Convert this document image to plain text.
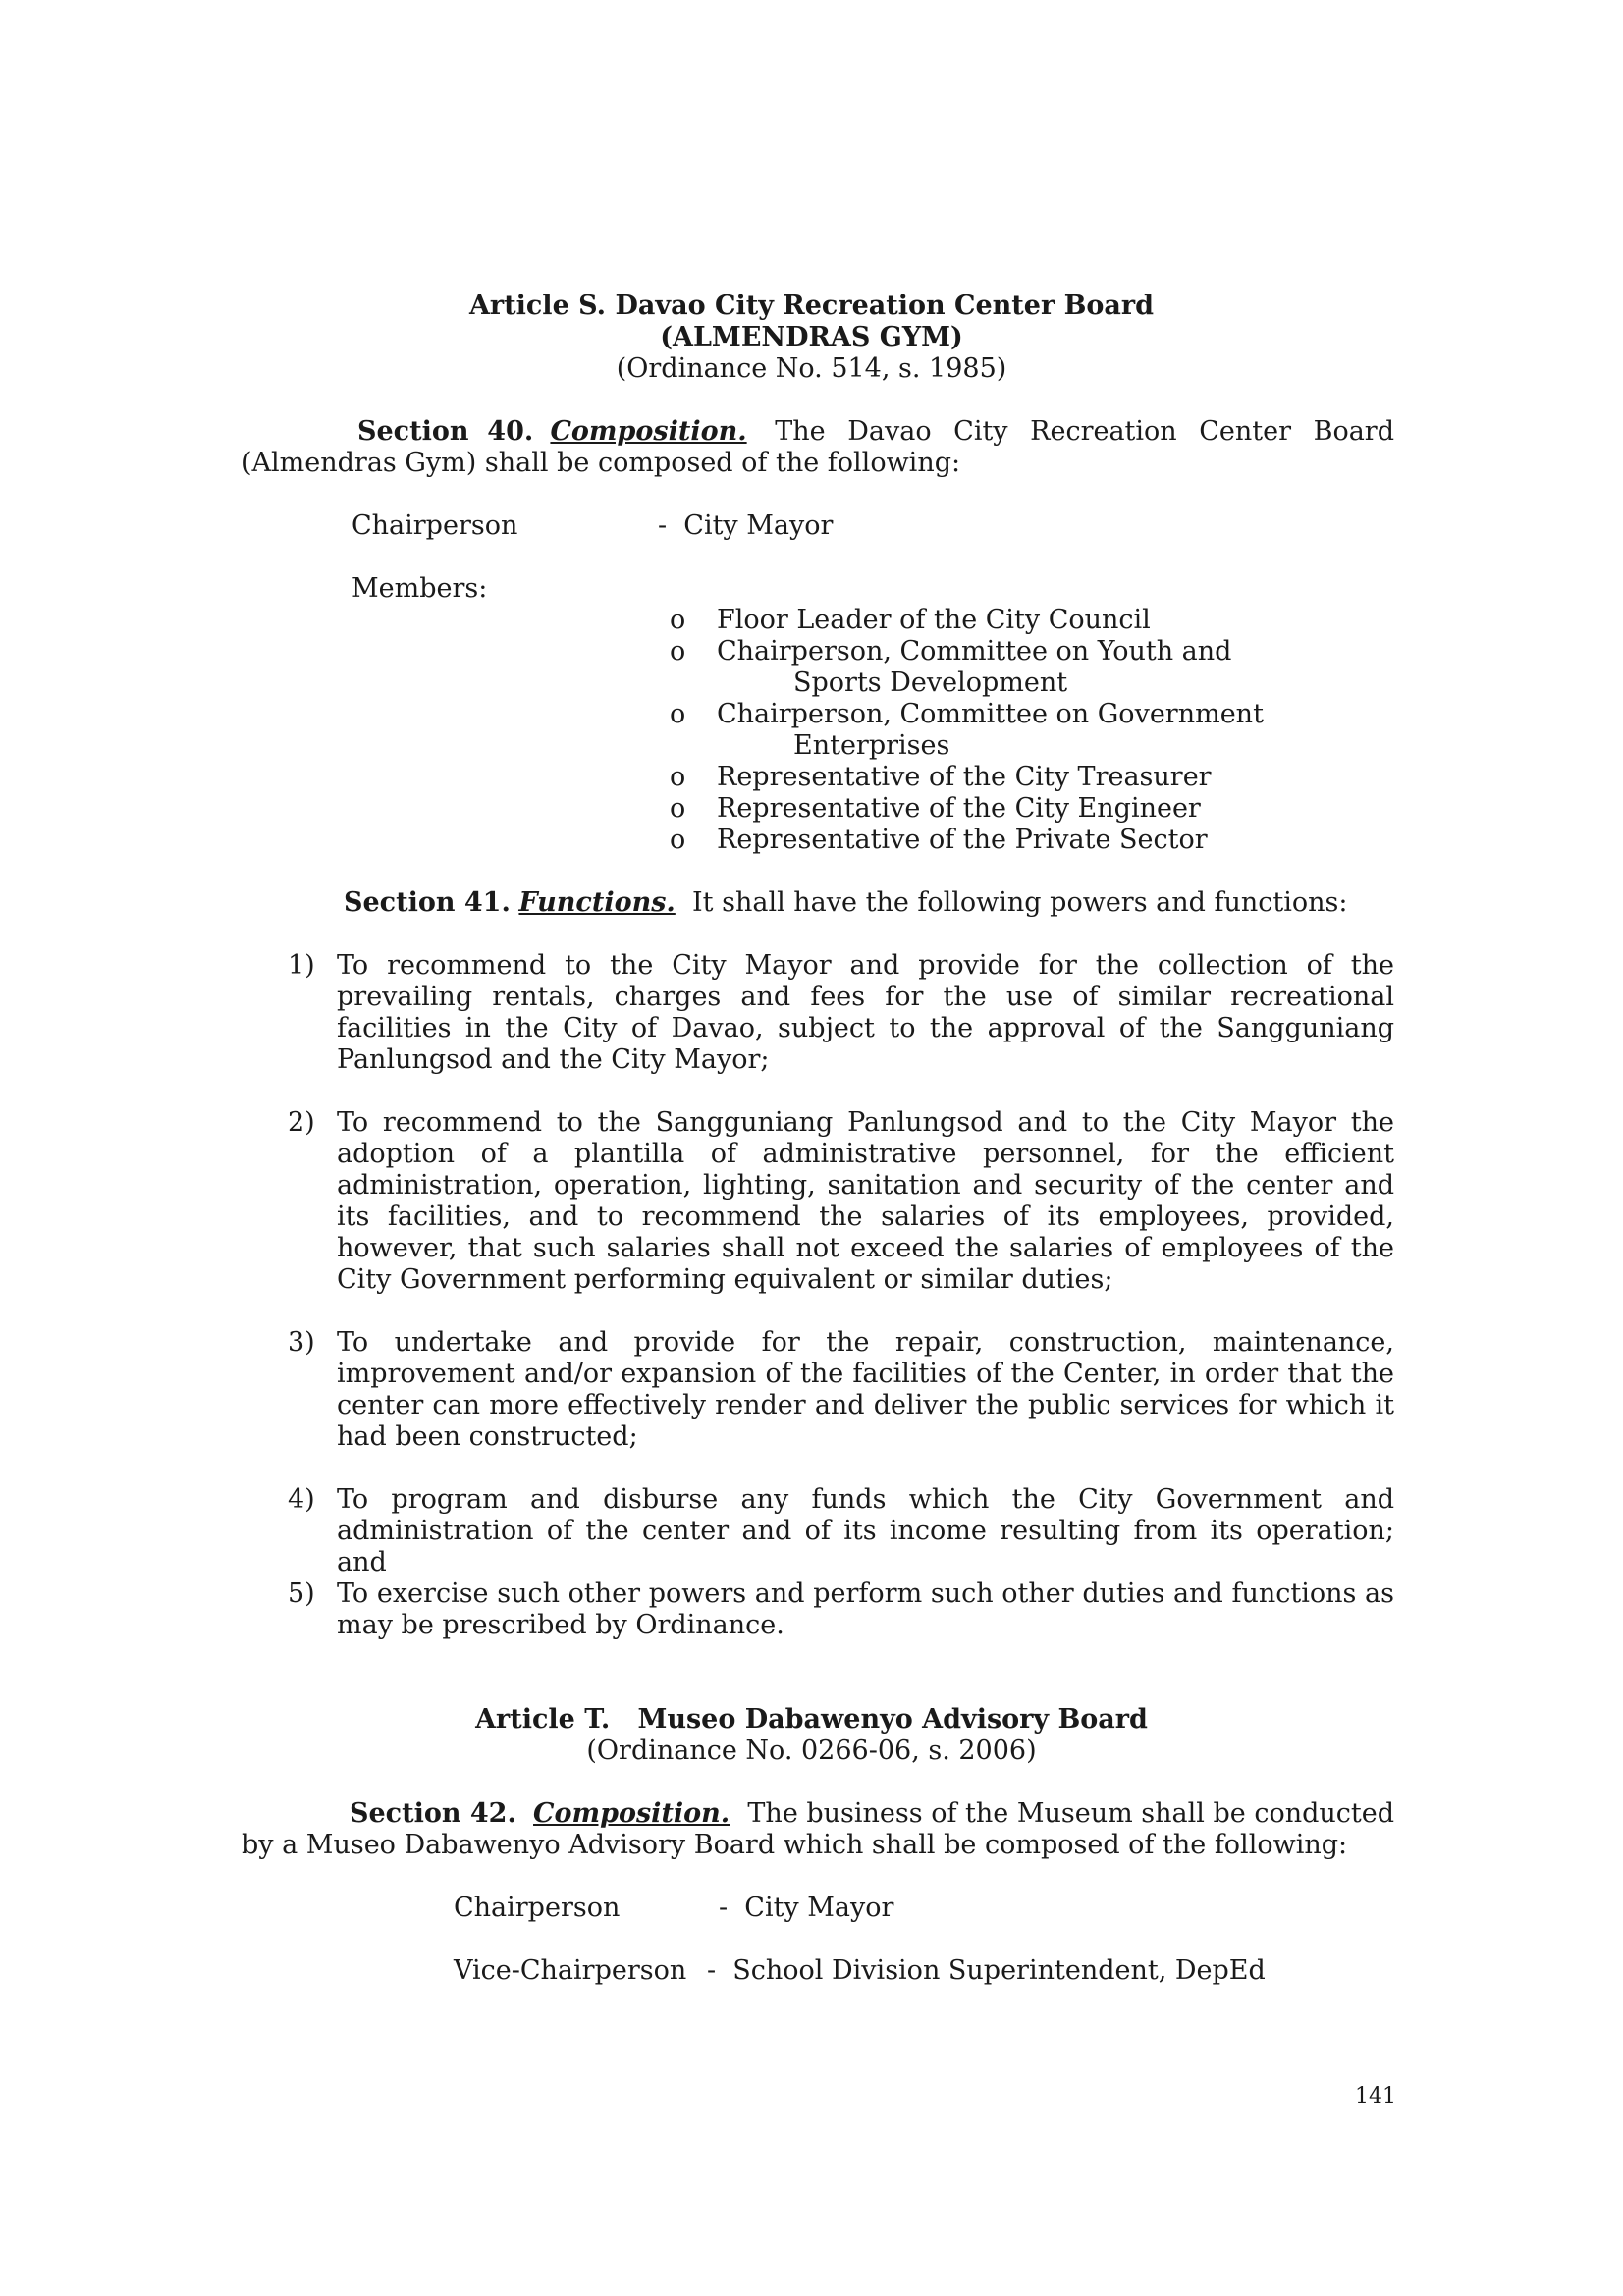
Article S. Davao City Recreation Center Board
(ALMENDRAS GYM)
(Ordinance No. 514, s. 1985)
Section  40. Composition. The Davao City Recreation Center Board
(Almendras Gym) shall be composed of the following:
Chairperson	-  City Mayor
Members:
o Floor Leader of the City Council
o Chairperson, Committee on Youth and
Sports Development
o Chairperson, Committee on Government
Enterprises
o Representative of the City Treasurer
o Representative of the City Engineer
o Representative of the Private Sector
Section 41. Functions. It shall have the following powers and functions:
1) To recommend to the City Mayor and provide for the collection of the prevailing rentals, charges and fees for the use of similar recreational facilities in the City of Davao, subject to the approval of the Sangguniang Panlungsod and the City Mayor;
2) To recommend to the Sangguniang Panlungsod and to the City Mayor the adoption of a plantilla of administrative personnel, for the efficient administration, operation, lighting, sanitation and security of the center and its facilities, and to recommend the salaries of its employees, provided, however, that such salaries shall not exceed the salaries of employees of the City Government performing equivalent or similar duties;
3) To undertake and provide for the repair, construction, maintenance, improvement and/or expansion of the facilities of the Center, in order that the center can more effectively render and deliver the public services for which it had been constructed;
4) To program and disburse any funds which the City Government and administration of the center and of its income resulting from its operation; and
5) To exercise such other powers and perform such other duties and functions as may be prescribed by Ordinance.
Article T.   Museo Dabawenyo Advisory Board
(Ordinance No. 0266-06, s. 2006)
Section 42. Composition. The business of the Museum shall be conducted
by a Museo Dabawenyo Advisory Board which shall be composed of the following:
Chairperson	-  City Mayor
Vice-Chairperson -  School Division Superintendent, DepEd
141
